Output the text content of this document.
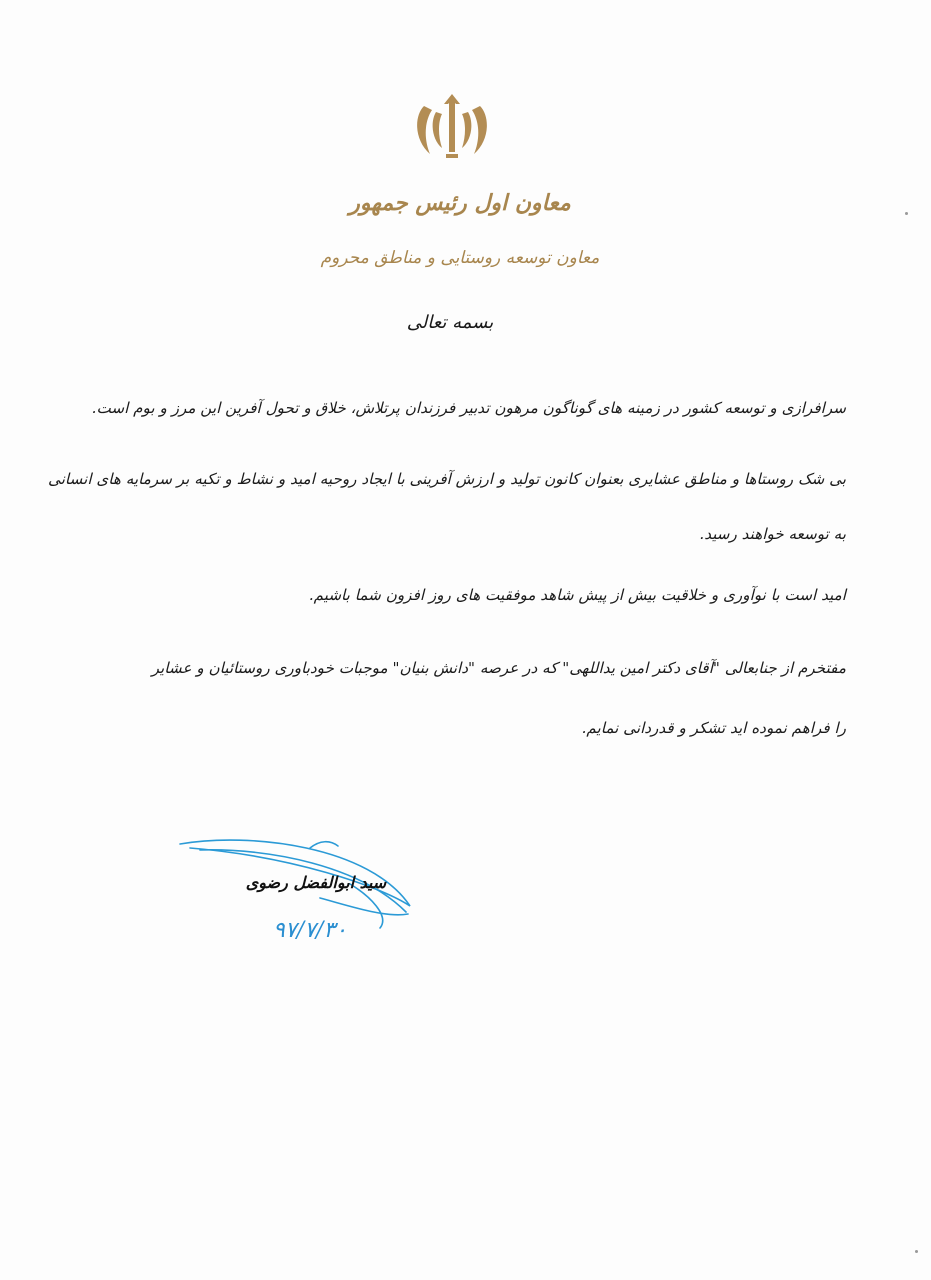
معاون اول رئیس جمهور
معاون توسعه روستایی و مناطق محروم
بسمه تعالی
سرافرازی و توسعه کشور در زمینه های گوناگون مرهون تدبیر فرزندان پرتلاش، خلاق و تحول آفرین این مرز و بوم است.
بی شک روستاها و مناطق عشایری بعنوان کانون تولید و ارزش آفرینی با ایجاد روحیه امید و نشاط و تکیه بر سرمایه های انسانی
به توسعه خواهند رسید.
امید است با نوآوری و خلاقیت بیش از پیش شاهد موفقیت های روز افزون شما باشیم.
مفتخرم از جنابعالی "آقای دکتر امین یداللهی" که در عرصه "دانش بنیان" موجبات خودباوری روستائیان و عشایر
را فراهم نموده اید تشکر و قدردانی نمایم.
سید ابوالفضل رضوی
۹۷/۷/۳۰
